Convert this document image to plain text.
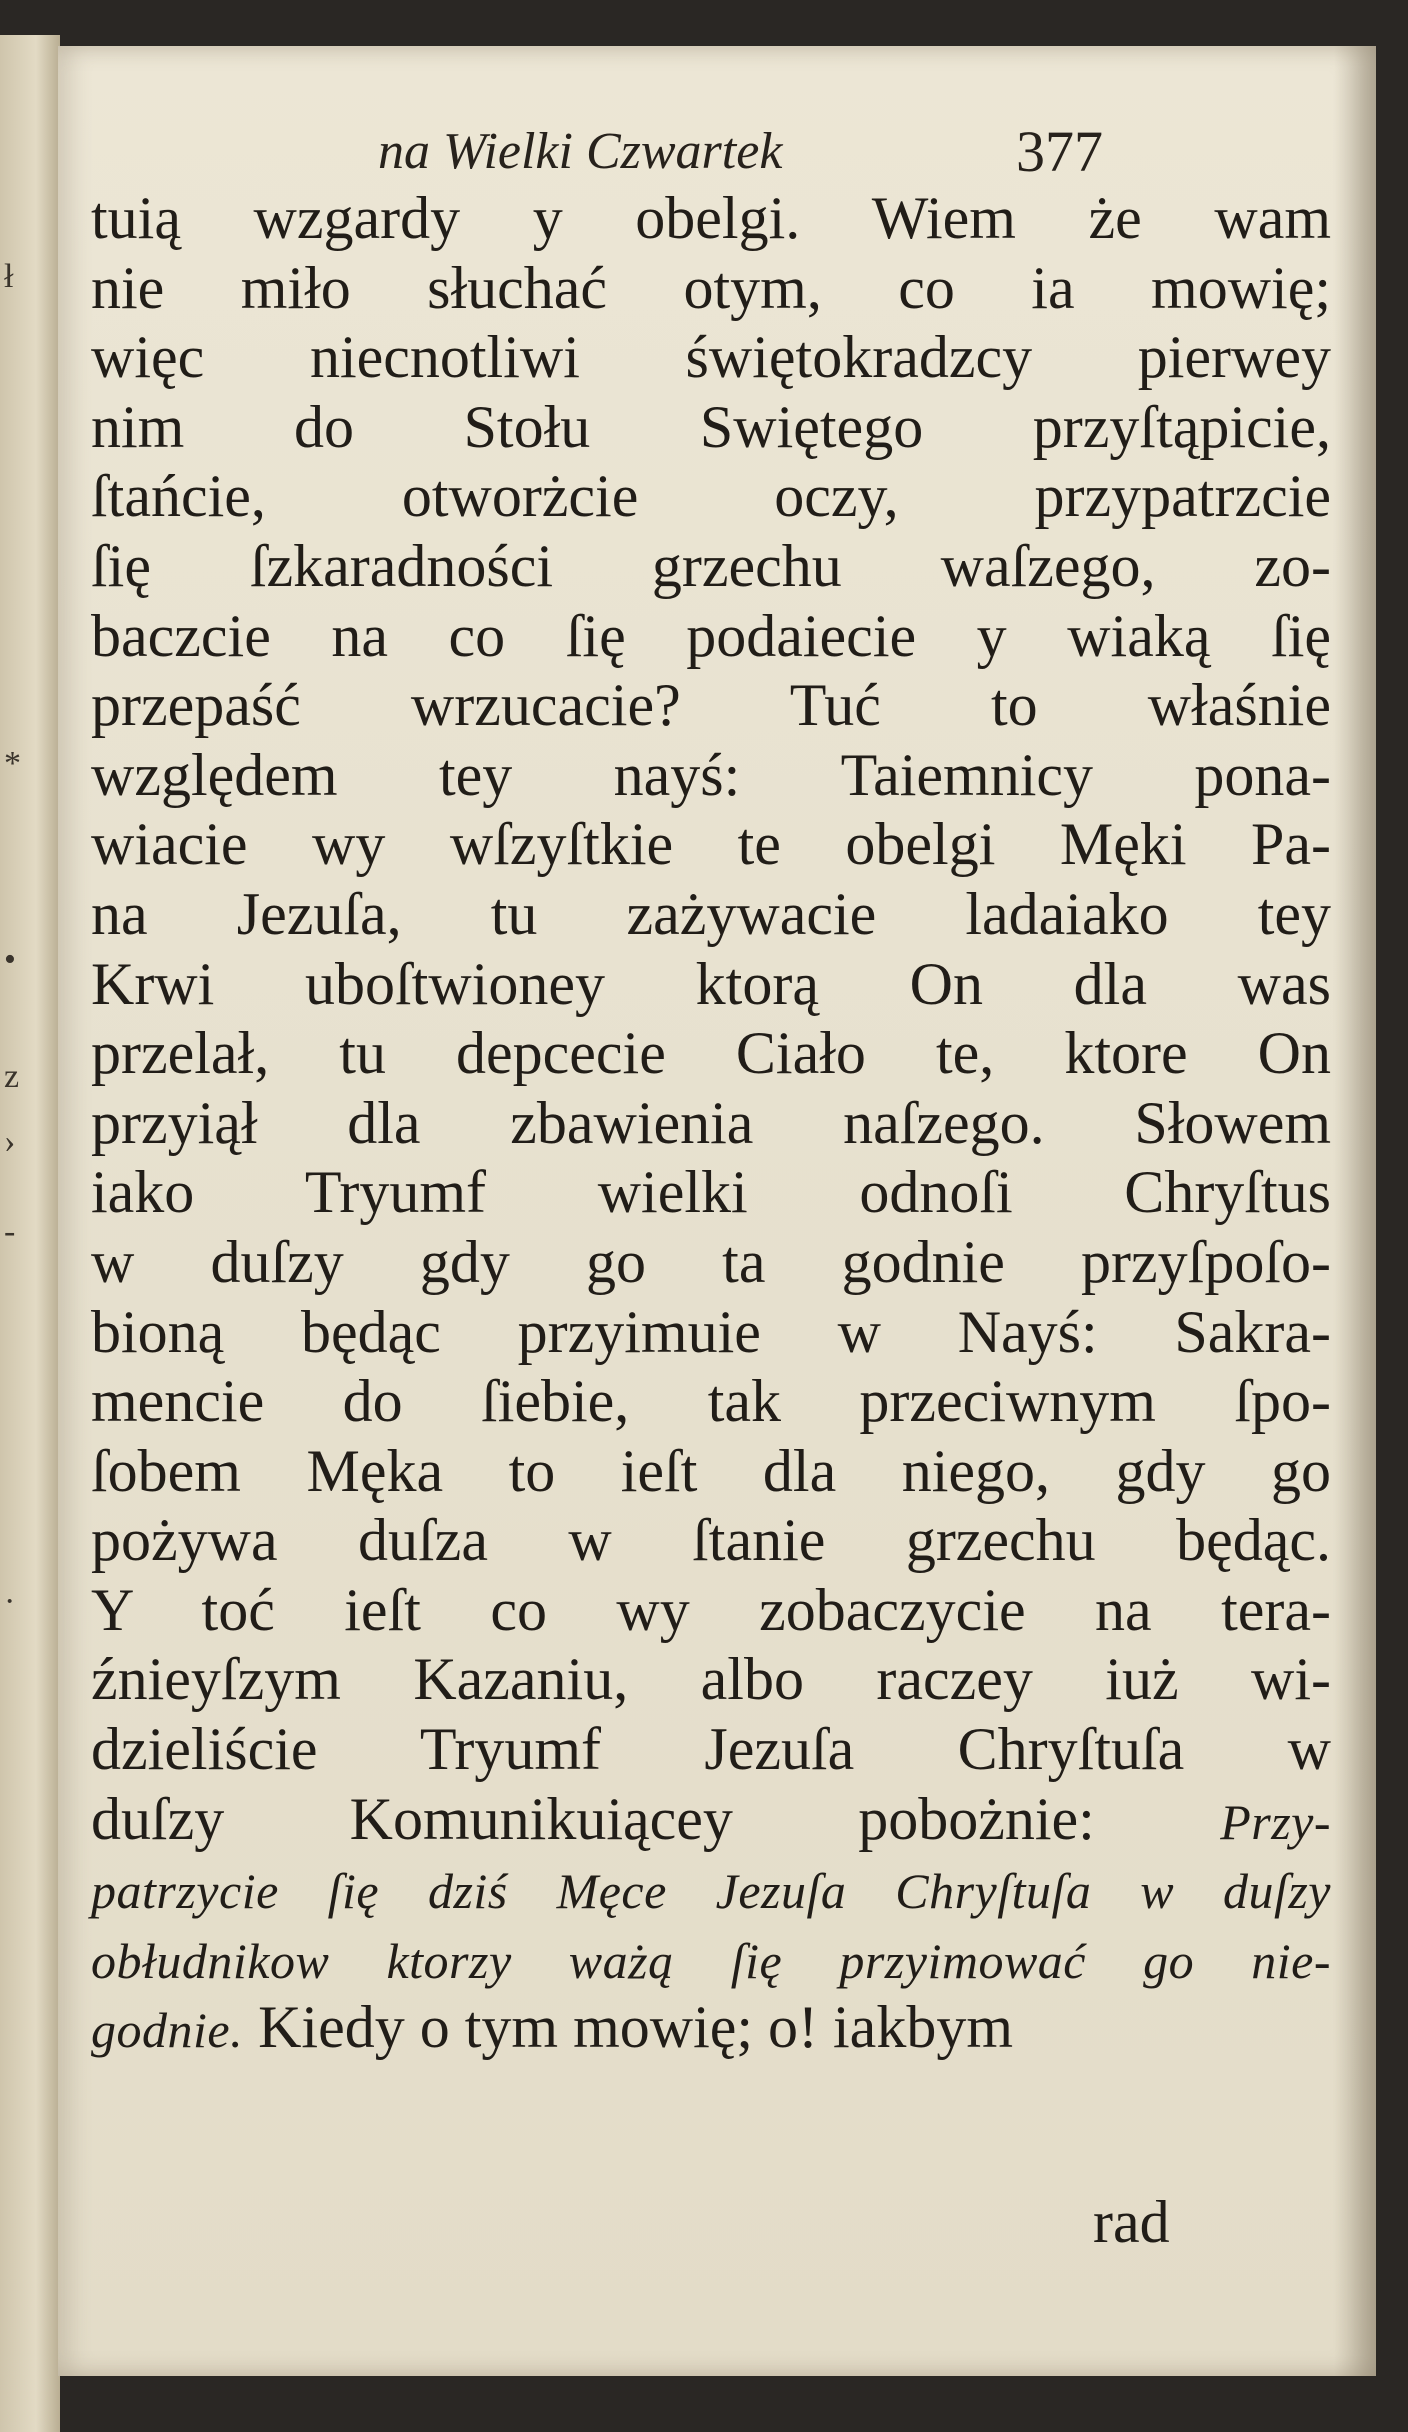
ł
*
•
z
›
-
·
na Wielki Czwartek	377
tuią wzgardy y obelgi. Wiem że wam
nie miło słuchać otym, co ia mowię;
więc niecnotliwi świętokradzcy pierwey
nim do Stołu Swiętego przyſtąpicie,
ſtańcie, otworżcie oczy, przypatrzcie
ſię ſzkaradności grzechu waſzego, zo-
baczcie na co ſię podaiecie y wiaką ſię
przepaść wrzucacie? Tuć to właśnie
względem tey nayś: Taiemnicy pona-
wiacie wy wſzyſtkie te obelgi Męki Pa-
na Jezuſa, tu zażywacie ladaiako tey
Krwi uboſtwioney ktorą On dla was
przelał, tu depcecie Ciało te, ktore On
przyiął dla zbawienia naſzego. Słowem
iako Tryumf wielki odnoſi Chryſtus
w duſzy gdy go ta godnie przyſpoſo-
bioną będąc przyimuie w Nayś: Sakra-
mencie do ſiebie, tak przeciwnym ſpo-
ſobem Męka to ieſt dla niego, gdy go
pożywa duſza w ſtanie grzechu będąc.
Y toć ieſt co wy zobaczycie na tera-
źnieyſzym Kazaniu, albo raczey iuż wi-
dzieliście Tryumf Jezuſa Chryſtuſa w
duſzy Komunikuiącey pobożnie:	Przy-
patrzycie ſię dziś Męce Jezuſa Chryſtuſa w duſzy
obłudnikow ktorzy ważą ſię przyimować go nie-
godnie. Kiedy o tym mowię; o! iakbym
rad
